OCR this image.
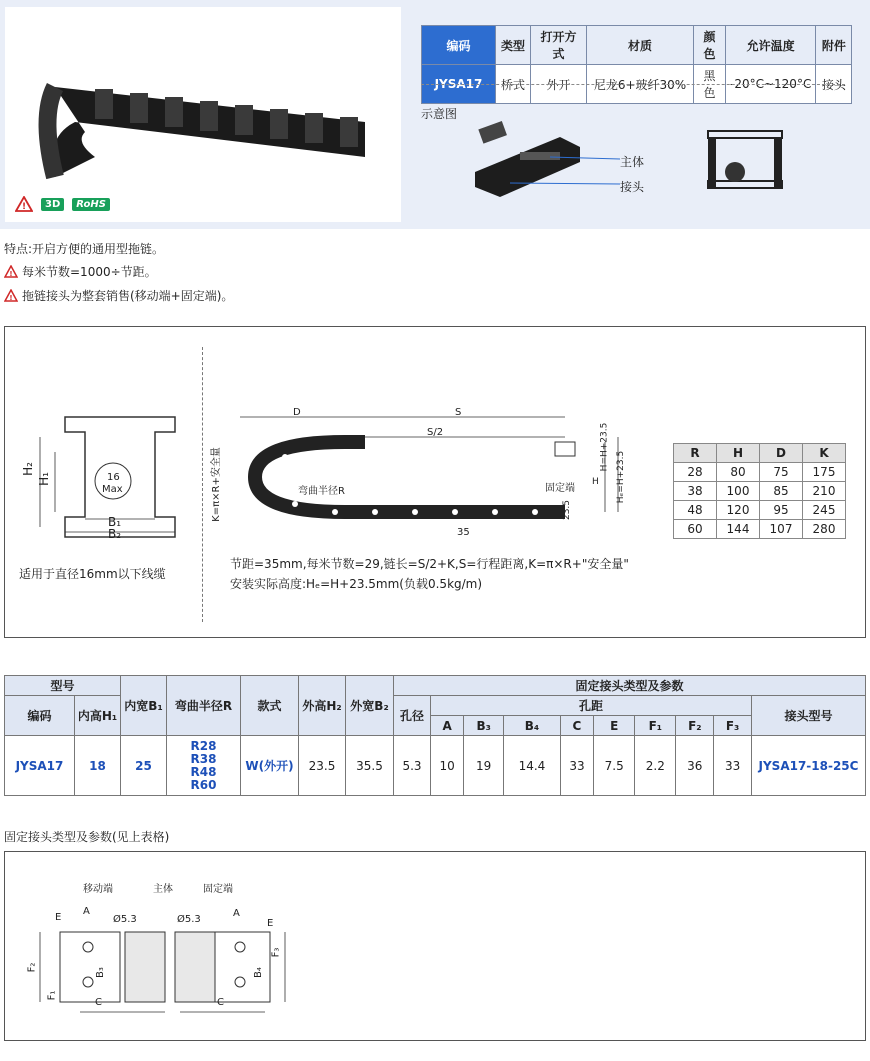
!	3D	RoHS
编码	类型	打开方式	材质	颜色	允许温度	附件
JYSA17	桥式	外开	尼龙6+玻纤30%	黑色	-20°C~120°C	接头
示意图
主体
接头
特点:开启方便的通用型拖链。
! 每米节数=1000÷节距。
! 拖链接头为整套销售(移动端+固定端)。
H₂
H₁	16
Max
B₁
B₂
适用于直径16mm以下线缆
D	S
S/2
K=π×R+安全量	弯曲半径R	固定端
H=H+23.5
H Hₑ=H+23.5
35
23.5
节距=35mm,每米节数=29,链长=S/2+K,S=行程距离,K=π×R+"安全量"
安装实际高度:Hₑ=H+23.5mm(负载0.5kg/m)
R	H	D	K
28	80	75	175
38	100	85	210
48	120	95	245
60	144	107	280
型号		内宽B₁	弯曲半径R	款式	外高H₂	外宽B₂	固定接头类型及参数									
编码	内高H₁						孔径	孔距								接头型号
								A	B₃	B₄	C	E	F₁	F₂	F₃	
JYSA17	18	25	R28
R38
R48
R60	W(外开)	23.5	35.5	5.3	10	19	14.4	33	7.5	2.2	36	33	JYSA17-18-25C
固定接头类型及参数(见上表格)
移动端	主体	固定端
Ø5.3	Ø5.3
A	A
E
E
C	C
B₃	B₄
F₁
F₂
F₃
